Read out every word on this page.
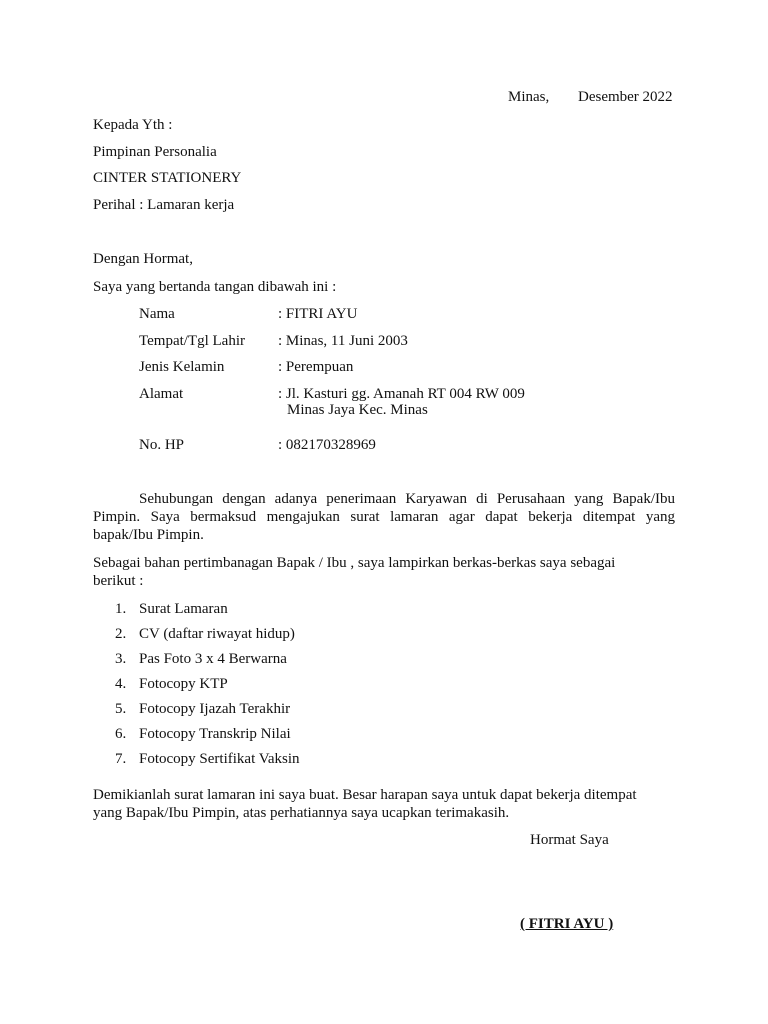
Minas, Desember 2022
Kepada Yth :
Pimpinan Personalia
CINTER STATIONERY
Perihal : Lamaran kerja
Dengan Hormat,
Saya yang bertanda tangan dibawah ini :
Nama	: FITRI AYU
Tempat/Tgl Lahir : Minas, 11 Juni 2003
Jenis Kelamin	: Perempuan
Alamat	: Jl. Kasturi gg. Amanah RT 004 RW 009
Minas Jaya Kec. Minas
No. HP	: 082170328969
Sehubungan dengan adanya penerimaan Karyawan di Perusahaan yang Bapak/Ibu
Pimpin. Saya bermaksud mengajukan surat lamaran agar dapat bekerja ditempat yang
bapak/Ibu Pimpin.
Sebagai bahan pertimbanagan Bapak / Ibu , saya lampirkan berkas-berkas saya sebagai
berikut :
1. Surat Lamaran
2. CV (daftar riwayat hidup)
3. Pas Foto 3 x 4 Berwarna
4. Fotocopy KTP
5. Fotocopy Ijazah Terakhir
6. Fotocopy Transkrip Nilai
7. Fotocopy Sertifikat Vaksin
Demikianlah surat lamaran ini saya buat. Besar harapan saya untuk dapat bekerja ditempat
yang Bapak/Ibu Pimpin, atas perhatiannya saya ucapkan terimakasih.
Hormat Saya
( FITRI AYU )
